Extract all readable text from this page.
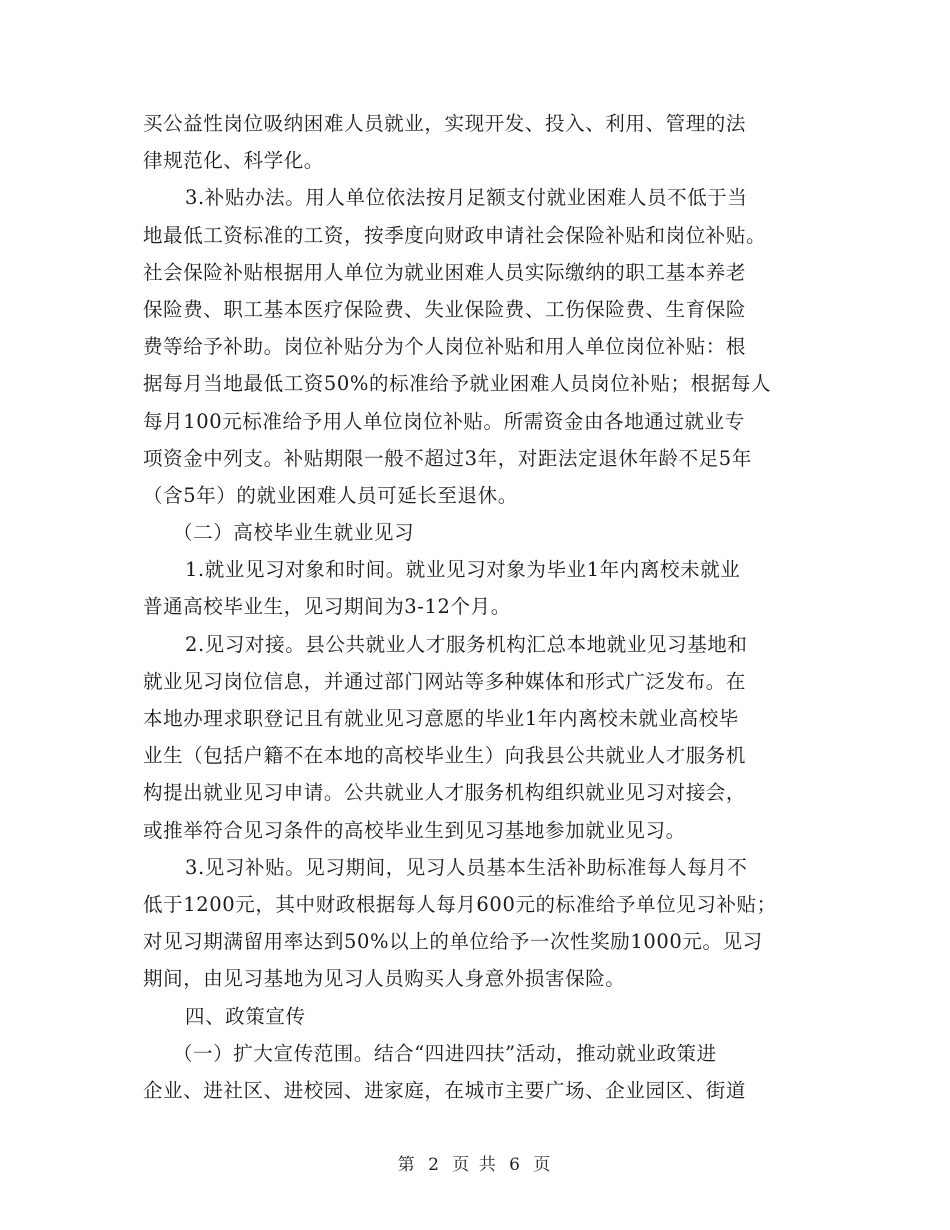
买公益性岗位吸纳困难人员就业，实现开发、投入、利用、管理的法
律规范化、科学化。
3.补贴办法。用人单位依法按月足额支付就业困难人员不低于当
地最低工资标准的工资，按季度向财政申请社会保险补贴和岗位补贴。
社会保险补贴根据用人单位为就业困难人员实际缴纳的职工基本养老
保险费、职工基本医疗保险费、失业保险费、工伤保险费、生育保险
费等给予补助。岗位补贴分为个人岗位补贴和用人单位岗位补贴：根
据每月当地最低工资50%的标准给予就业困难人员岗位补贴；根据每人
每月100元标准给予用人单位岗位补贴。所需资金由各地通过就业专
项资金中列支。补贴期限一般不超过3年，对距法定退休年龄不足5年
（含5年）的就业困难人员可延长至退休。
（二）高校毕业生就业见习
1.就业见习对象和时间。就业见习对象为毕业1年内离校未就业
普通高校毕业生，见习期间为3-12个月。
2.见习对接。县公共就业人才服务机构汇总本地就业见习基地和
就业见习岗位信息，并通过部门网站等多种媒体和形式广泛发布。在
本地办理求职登记且有就业见习意愿的毕业1年内离校未就业高校毕
业生（包括户籍不在本地的高校毕业生）向我县公共就业人才服务机
构提出就业见习申请。公共就业人才服务机构组织就业见习对接会，
或推举符合见习条件的高校毕业生到见习基地参加就业见习。
3.见习补贴。见习期间，见习人员基本生活补助标准每人每月不
低于1200元，其中财政根据每人每月600元的标准给予单位见习补贴；
对见习期满留用率达到50%以上的单位给予一次性奖励1000元。见习
期间，由见习基地为见习人员购买人身意外损害保险。
四、政策宣传
（一）扩大宣传范围。结合“四进四扶”活动，推动就业政策进
企业、进社区、进校园、进家庭，在城市主要广场、企业园区、街道
第 2 页 共 6 页
